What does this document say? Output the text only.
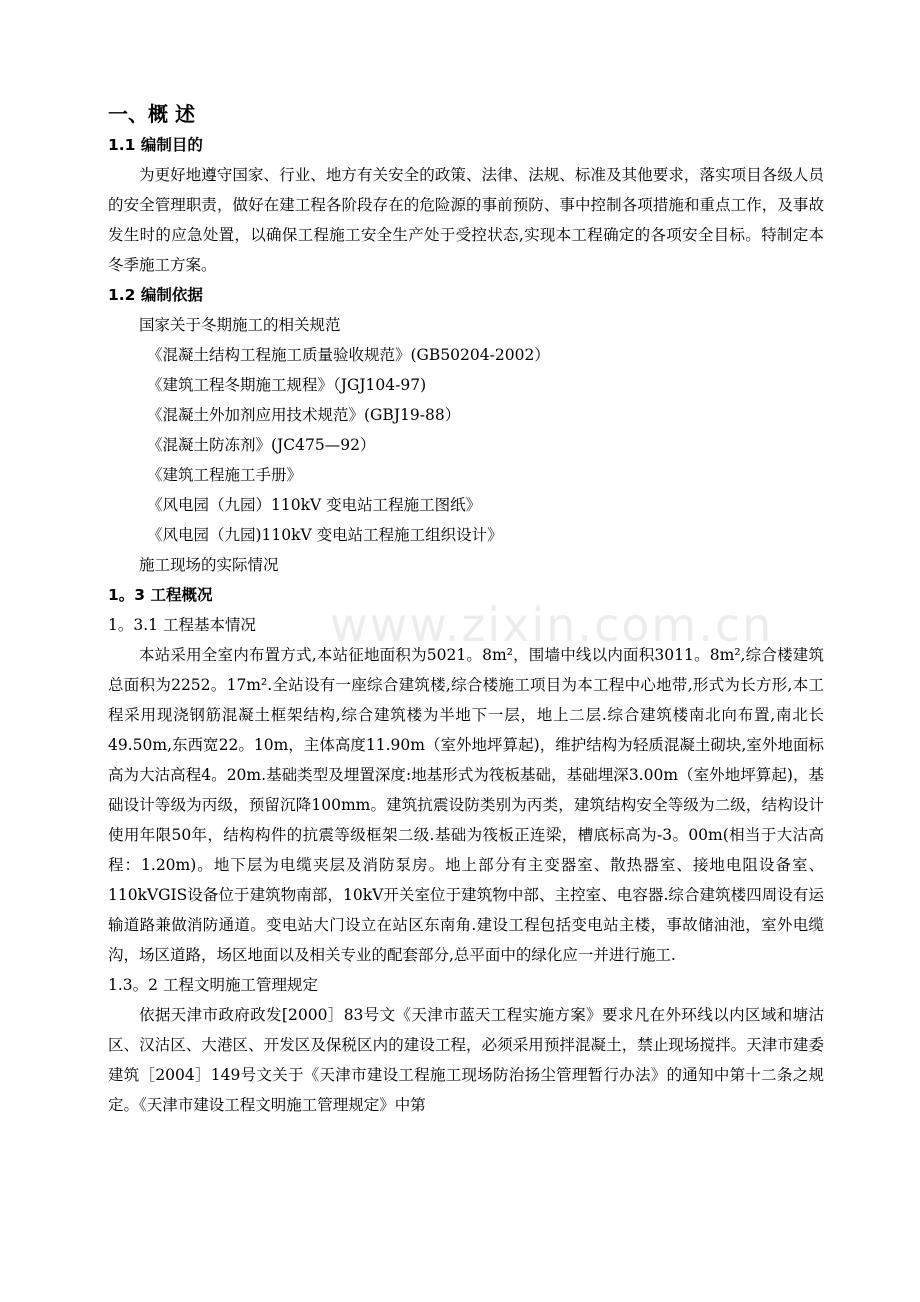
www.zixin.com.cn
一、概 述
1.1 编制目的

为更好地遵守国家、行业、地方有关安全的政策、法律、法规、标准及其他要求，落实项目各级人员的安全管理职责，做好在建工程各阶段存在的危险源的事前预防、事中控制各项措施和重点工作，及事故发生时的应急处置，以确保工程施工安全生产处于受控状态,实现本工程确定的各项安全目标。特制定本冬季施工方案。

1.2 编制依据
国家关于冬期施工的相关规范
《混凝土结构工程施工质量验收规范》(GB50204-2002）
《建筑工程冬期施工规程》（JGJ104-97)
《混凝土外加剂应用技术规范》(GBJ19-88）
《混凝土防冻剂》(JC475—92）
《建筑工程施工手册》
《风电园（九园）110kV 变电站工程施工图纸》
《风电园（九园)110kV 变电站工程施工组织设计》
施工现场的实际情况
1。3 工程概况
1。3.1 工程基本情况

本站采用全室内布置方式,本站征地面积为5021。8m²，围墙中线以内面积3011。8m²,综合楼建筑总面积为2252。17m².全站设有一座综合建筑楼,综合楼施工项目为本工程中心地带,形式为长方形,本工程采用现浇钢筋混凝土框架结构,综合建筑楼为半地下一层，地上二层.综合建筑楼南北向布置,南北长49.50m,东西宽22。10m，主体高度11.90m（室外地坪算起)，维护结构为轻质混凝土砌块,室外地面标高为大沽高程4。20m.基础类型及埋置深度:地基形式为筏板基础，基础埋深3.00m（室外地坪算起)，基础设计等级为丙级，预留沉降100mm。建筑抗震设防类别为丙类，建筑结构安全等级为二级，结构设计使用年限50年，结构构件的抗震等级框架二级.基础为筏板正连梁，槽底标高为-3。00m(相当于大沽高程：1.20m)。地下层为电缆夹层及消防泵房。地上部分有主变器室、散热器室、接地电阻设备室、110kVGIS设备位于建筑物南部，10kV开关室位于建筑物中部、主控室、电容器.综合建筑楼四周设有运输道路兼做消防通道。变电站大门设立在站区东南角.建设工程包括变电站主楼，事故储油池，室外电缆沟，场区道路，场区地面以及相关专业的配套部分,总平面中的绿化应一并进行施工.

1.3。2 工程文明施工管理规定

依据天津市政府政发[2000］83号文《天津市蓝天工程实施方案》要求凡在外环线以内区域和塘沽区、汉沽区、大港区、开发区及保税区内的建设工程，必须采用预拌混凝土，禁止现场搅拌。天津市建委建筑［2004］149号文关于《天津市建设工程施工现场防治扬尘管理暂行办法》的通知中第十二条之规定。《天津市建设工程文明施工管理规定》中第
